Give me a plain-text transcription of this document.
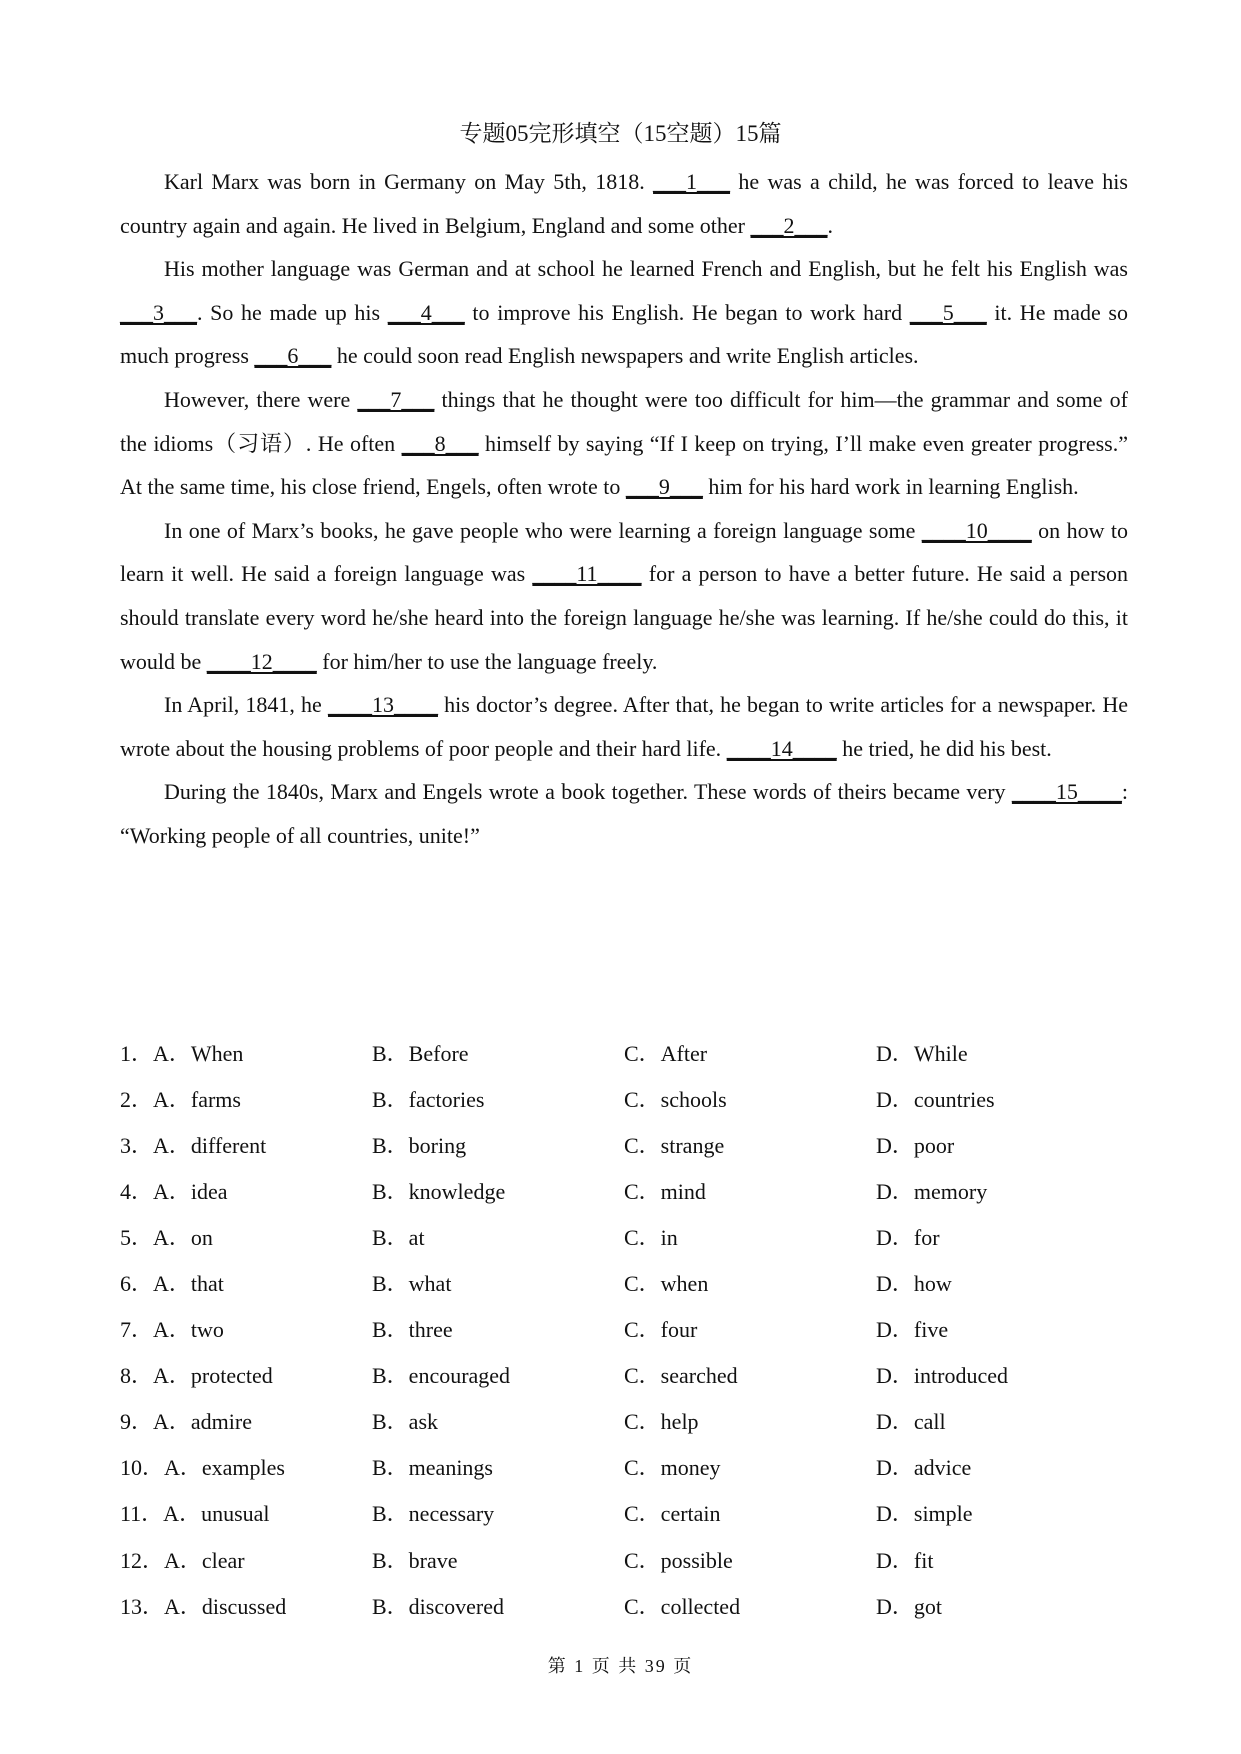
专题05完形填空（15空题）15篇

Karl Marx was born in Germany on May 5th, 1818. ___1___ he was a child, he was forced to leave his country again and again. He lived in Belgium, England and some other ___2___.

His mother language was German and at school he learned French and English, but he felt his English was ___3___. So he made up his ___4___ to improve his English. He began to work hard ___5___ it. He made so much progress ___6___ he could soon read English newspapers and write English articles.

However, there were ___7___ things that he thought were too difficult for him—the grammar and some of the idioms（习语）. He often ___8___ himself by saying “If I keep on trying, I’ll make even greater progress.” At the same time, his close friend, Engels, often wrote to ___9___ him for his hard work in learning English.

In one of Marx’s books, he gave people who were learning a foreign language some ____10____ on how to learn it well. He said a foreign language was ____11____ for a person to have a better future. He said a person should translate every word he/she heard into the foreign language he/she was learning. If he/she could do this, it would be ____12____ for him/her to use the language freely.

In April, 1841, he ____13____ his doctor’s degree. After that, he began to write articles for a newspaper. He wrote about the housing problems of poor people and their hard life. ____14____ he tried, he did his best.

During the 1840s, Marx and Engels wrote a book together. These words of theirs became very ____15____: “Working people of all countries, unite!”

1．A．When	B．Before	C．After	D．While
2．A．farms	B．factories	C．schools	D．countries
3．A．different	B．boring	C．strange	D．poor
4．A．idea	B．knowledge	C．mind	D．memory
5．A．on	B．at	C．in	D．for
6．A．that	B．what	C．when	D．how
7．A．two	B．three	C．four	D．five
8．A．protected	B．encouraged	C．searched	D．introduced
9．A．admire	B．ask	C．help	D．call
10．A．examples	B．meanings	C．money	D．advice
11．A．unusual	B．necessary	C．certain	D．simple
12．A．clear	B．brave	C．possible	D．fit
13．A．discussed	B．discovered	C．collected	D．got
第 1 页 共 39 页
